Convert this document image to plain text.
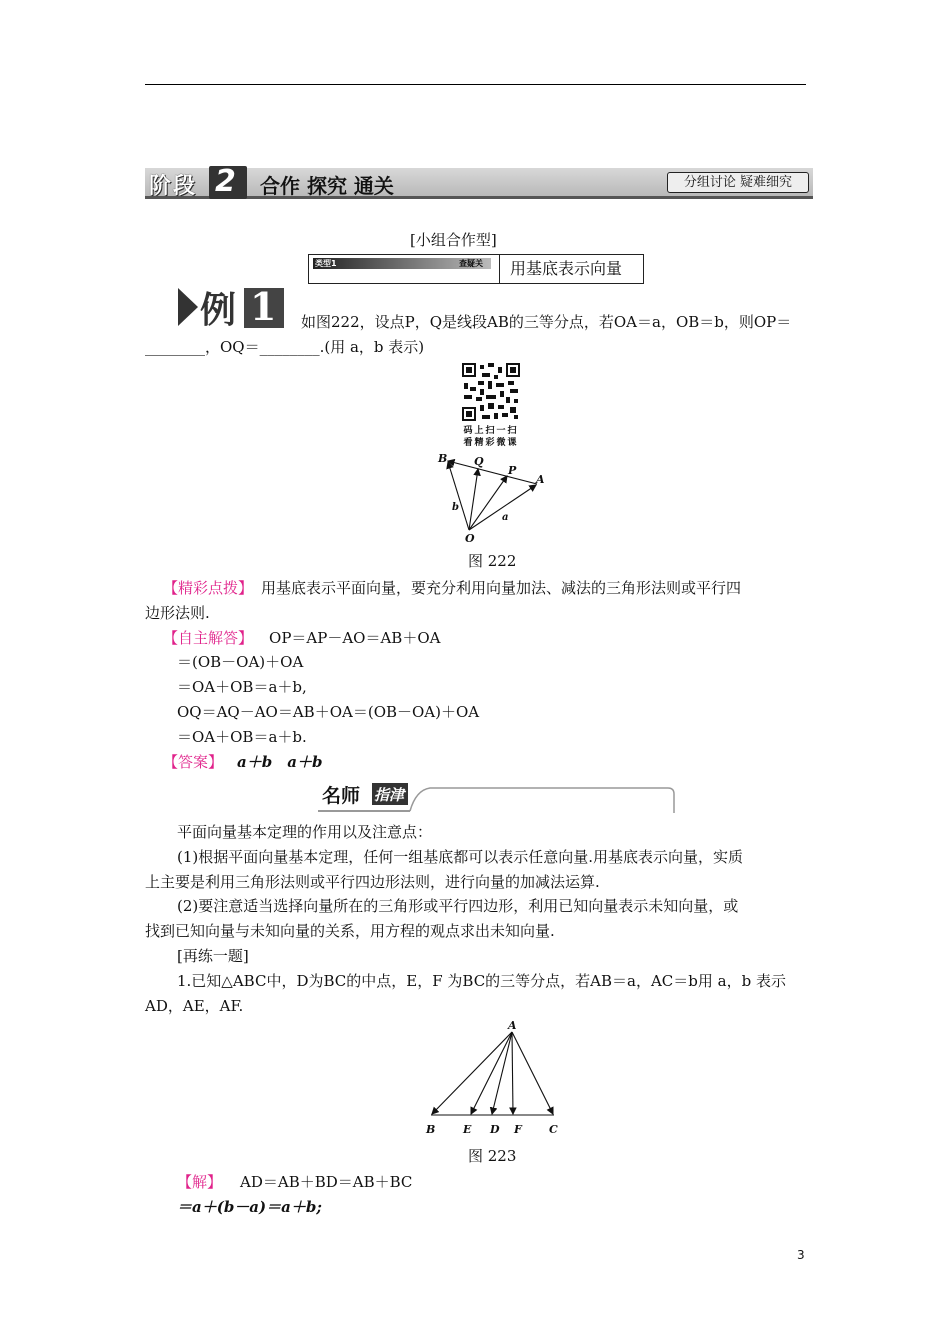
阶段 2 合作 探究 通关	分组讨论 疑难细究
[小组合作型]
类型1	查疑关 用基底表示向量
例 1 如图222，设点P，Q是线段AB的三等分点，若OA＝a，OB＝b，则OP＝
________，OQ＝________.(用 a，b 表示)
码上扫一扫
看精彩微课
B Q
P
A
O
a
b
图 222
【精彩点拨】 用基底表示平面向量，要充分利用向量加法、减法的三角形法则或平行四
边形法则.
【自主解答】 OP＝AP－AO＝AB＋OA
＝(OB－OA)＋OA
＝OA＋OB＝a＋b,
OQ＝AQ－AO＝AB＋OA＝(OB－OA)＋OA
＝OA＋OB＝a＋b.
【答案】 a＋b　a＋b
名师 指津
平面向量基本定理的作用以及注意点：
(1)根据平面向量基本定理，任何一组基底都可以表示任意向量.用基底表示向量，实质
上主要是利用三角形法则或平行四边形法则，进行向量的加减法运算.
(2)要注意适当选择向量所在的三角形或平行四边形，利用已知向量表示未知向量，或
找到已知向量与未知向量的关系，用方程的观点求出未知向量.
[再练一题]
1.已知△ABC中，D为BC的中点，E，F 为BC的三等分点，若AB＝a，AC＝b用 a，b 表示
AD，AE，AF.
A
B	E D F C
图 223
【解】 AD＝AB＋BD＝AB＋BC
＝a＋(b－a)＝a＋b;
3
